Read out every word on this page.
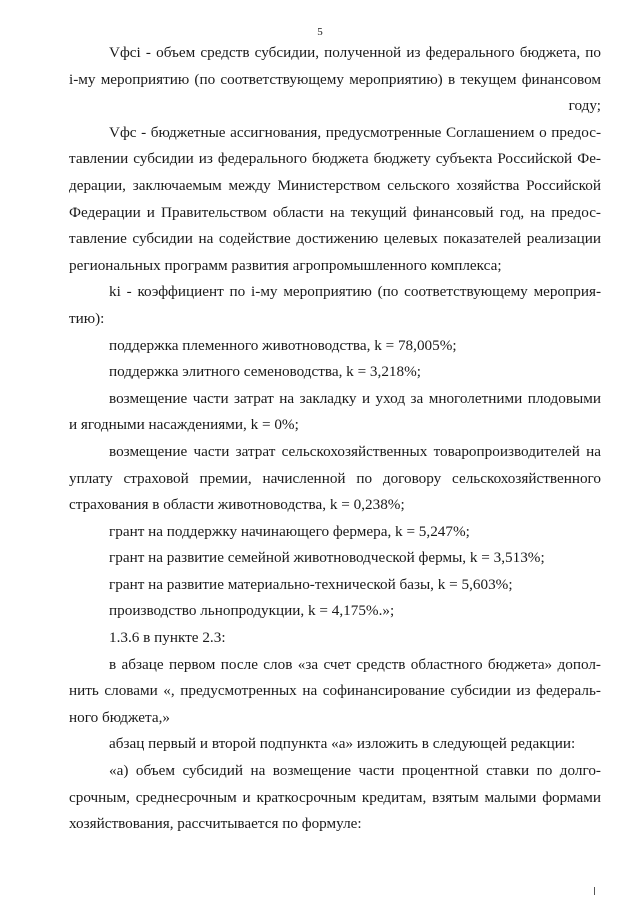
5
Vфсi - объем средств субсидии, полученной из федерального бюджета, по
i-му мероприятию (по соответствующему мероприятию) в текущем финансовом
году;
Vфс - бюджетные ассигнования, предусмотренные Соглашением о предос-
тавлении субсидии из федерального бюджета бюджету субъекта Российской Фе-
дерации, заключаемым между Министерством сельского хозяйства Российской
Федерации и Правительством области на текущий финансовый год, на предос-
тавление субсидии на содействие достижению целевых показателей реализации
региональных программ развития агропромышленного комплекса;
ki - коэффициент по i-му мероприятию (по соответствующему мероприя-
тию):
поддержка племенного животноводства, k = 78,005%;
поддержка элитного семеноводства, k = 3,218%;
возмещение части затрат на закладку и уход за многолетними плодовыми
и ягодными насаждениями, k = 0%;
возмещение части затрат сельскохозяйственных товаропроизводителей на
уплату страховой премии, начисленной по договору сельскохозяйственного
страхования в области животноводства, k = 0,238%;
грант на поддержку начинающего фермера, k = 5,247%;
грант на развитие семейной животноводческой фермы, k = 3,513%;
грант на развитие материально-технической базы, k = 5,603%;
производство льнопродукции, k = 4,175%.»;
1.3.6 в пункте 2.3:
в абзаце первом после слов «за счет средств областного бюджета» допол-
нить словами «, предусмотренных на софинансирование субсидии из федераль-
ного бюджета,»
абзац первый и второй подпункта «а» изложить в следующей редакции:
«а) объем субсидий на возмещение части процентной ставки по долго-
срочным, среднесрочным и краткосрочным кредитам, взятым малыми формами
хозяйствования, рассчитывается по формуле:
